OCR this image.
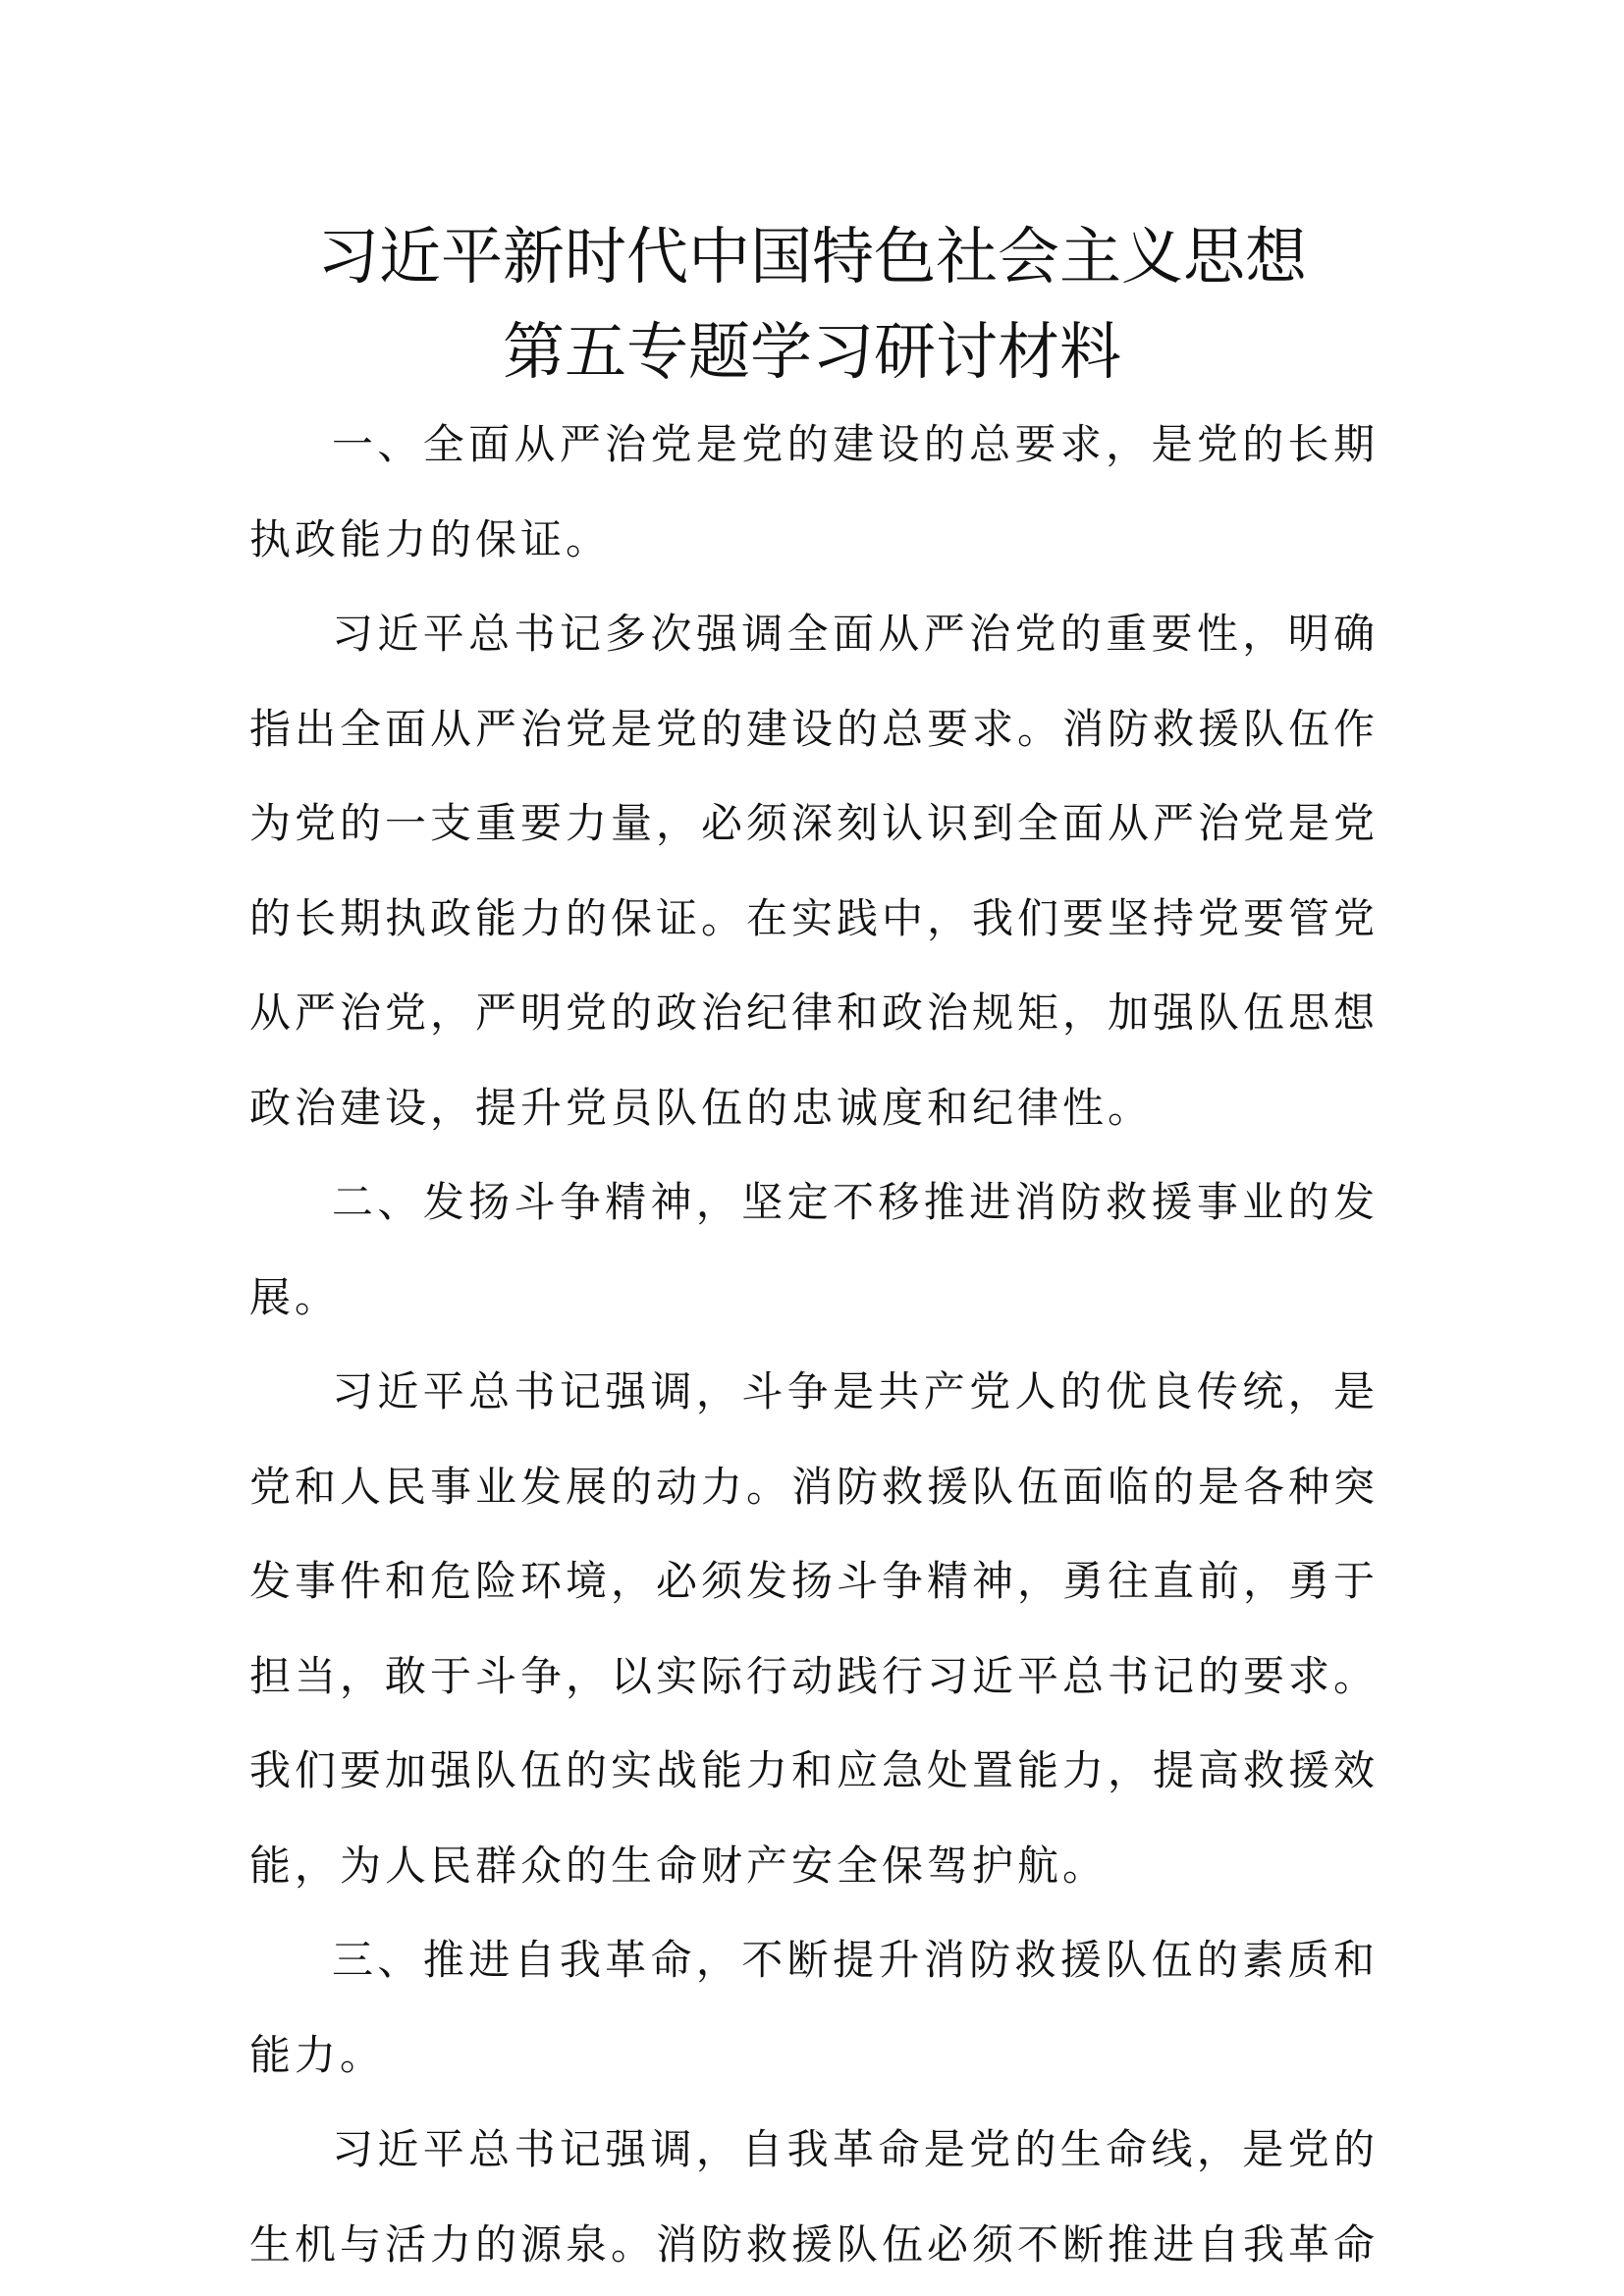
习近平新时代中国特色社会主义思想
第五专题学习研讨材料

一、全面从严治党是党的建设的总要求，是党的长期执政能力的保证。

习近平总书记多次强调全面从严治党的重要性，明确指出全面从严治党是党的建设的总要求。消防救援队伍作为党的一支重要力量，必须深刻认识到全面从严治党是党的长期执政能力的保证。在实践中，我们要坚持党要管党从严治党，严明党的政治纪律和政治规矩，加强队伍思想政治建设，提升党员队伍的忠诚度和纪律性。

二、发扬斗争精神，坚定不移推进消防救援事业的发展。

习近平总书记强调，斗争是共产党人的优良传统，是党和人民事业发展的动力。消防救援队伍面临的是各种突发事件和危险环境，必须发扬斗争精神，勇往直前，勇于担当，敢于斗争，以实际行动践行习近平总书记的要求。我们要加强队伍的实战能力和应急处置能力，提高救援效能，为人民群众的生命财产安全保驾护航。

三、推进自我革命，不断提升消防救援队伍的素质和能力。

习近平总书记强调，自我革命是党的生命线，是党的生机与活力的源泉。消防救援队伍必须不断推进自我革命
